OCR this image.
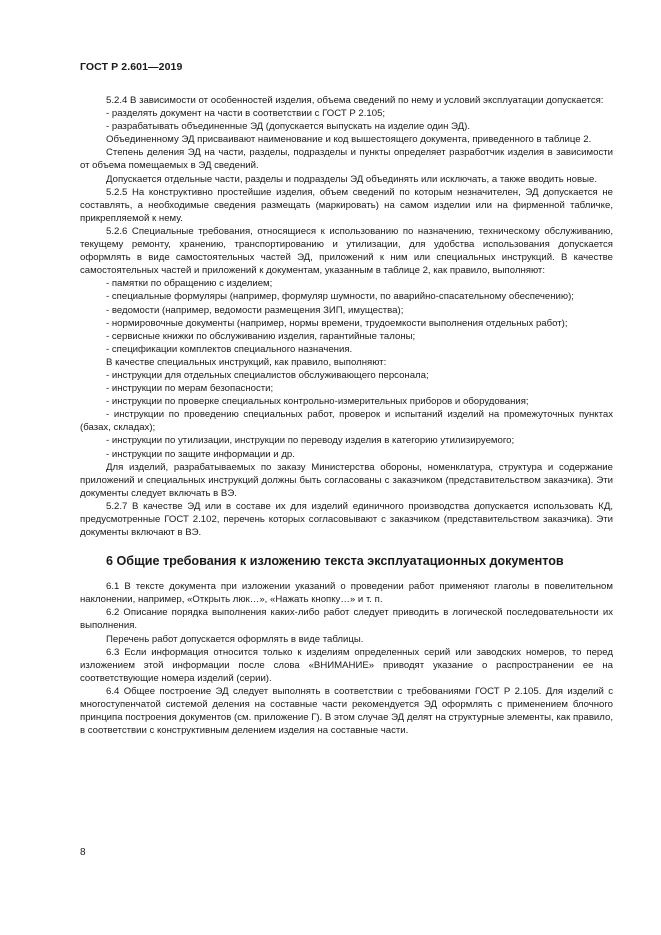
ГОСТ Р 2.601—2019

5.2.4 В зависимости от особенностей изделия, объема сведений по нему и условий эксплуатации допускается:

- разделять документ на части в соответствии с ГОСТ Р 2.105;

- разрабатывать объединенные ЭД (допускается выпускать на изделие один ЭД).

Объединенному ЭД присваивают наименование и код вышестоящего документа, приведенного в таблице 2.

Степень деления ЭД на части, разделы, подразделы и пункты определяет разработчик изделия в зависимости от объема помещаемых в ЭД сведений.

Допускается отдельные части, разделы и подразделы ЭД объединять или исключать, а также вводить новые.

5.2.5 На конструктивно простейшие изделия, объем сведений по которым незначителен, ЭД допускается не составлять, а необходимые сведения размещать (маркировать) на самом изделии или на фирменной табличке, прикрепляемой к нему.

5.2.6 Специальные требования, относящиеся к использованию по назначению, техническому обслуживанию, текущему ремонту, хранению, транспортированию и утилизации, для удобства использования допускается оформлять в виде самостоятельных частей ЭД, приложений к ним или специальных инструкций. В качестве самостоятельных частей и приложений к документам, указанным в таблице 2, как правило, выполняют:

- памятки по обращению с изделием;

- специальные формуляры (например, формуляр шумности, по аварийно-спасательному обеспечению);

- ведомости (например, ведомости размещения ЗИП, имущества);

- нормировочные документы (например, нормы времени, трудоемкости выполнения отдельных работ);

- сервисные книжки по обслуживанию изделия, гарантийные талоны;

- спецификации комплектов специального назначения.

В качестве специальных инструкций, как правило, выполняют:

- инструкции для отдельных специалистов обслуживающего персонала;

- инструкции по мерам безопасности;

- инструкции по проверке специальных контрольно-измерительных приборов и оборудования;

- инструкции по проведению специальных работ, проверок и испытаний изделий на промежуточных пунктах (базах, складах);

- инструкции по утилизации, инструкции по переводу изделия в категорию утилизируемого;

- инструкции по защите информации и др.

Для изделий, разрабатываемых по заказу Министерства обороны, номенклатура, структура и содержание приложений и специальных инструкций должны быть согласованы с заказчиком (представительством заказчика). Эти документы следует включать в ВЭ.

5.2.7 В качестве ЭД или в составе их для изделий единичного производства допускается использовать КД, предусмотренные ГОСТ 2.102, перечень которых согласовывают с заказчиком (представительством заказчика). Эти документы включают в ВЭ.

6 Общие требования к изложению текста эксплуатационных документов

6.1 В тексте документа при изложении указаний о проведении работ применяют глаголы в повелительном наклонении, например, «Открыть люк…», «Нажать кнопку…» и т. п.

6.2 Описание порядка выполнения каких-либо работ следует приводить в логической последовательности их выполнения.

Перечень работ допускается оформлять в виде таблицы.

6.3 Если информация относится только к изделиям определенных серий или заводских номеров, то перед изложением этой информации после слова «ВНИМАНИЕ» приводят указание о распространении ее на соответствующие номера изделий (серии).

6.4 Общее построение ЭД следует выполнять в соответствии с требованиями ГОСТ Р 2.105. Для изделий с многоступенчатой системой деления на составные части рекомендуется ЭД оформлять с применением блочного принципа построения документов (см. приложение Г). В этом случае ЭД делят на структурные элементы, как правило, в соответствии с конструктивным делением изделия на составные части.

8
